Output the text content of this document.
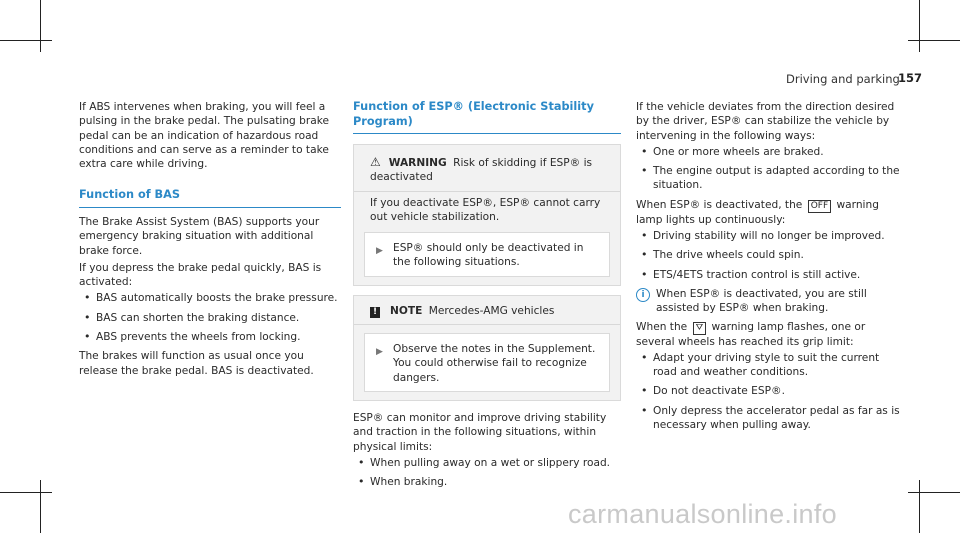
Driving and parking
157

If ABS intervenes when braking, you will feel a pulsing in the brake pedal. The pulsating brake pedal can be an indication of hazardous road conditions and can serve as a reminder to take extra care while driving.

Function of BAS

The Brake Assist System (BAS) supports your emergency braking situation with additional brake force.

If you depress the brake pedal quickly, BAS is activated:

• BAS automatically boosts the brake pressure.
• BAS can shorten the braking distance.
• ABS prevents the wheels from locking.

The brakes will function as usual once you release the brake pedal. BAS is deactivated.

Function of ESP® (Electronic Stability Program)
⚠ WARNING Risk of skidding if ESP® is deactivated

If you deactivate ESP®, ESP® cannot carry out vehicle stabilization.

▶ ESP® should only be deactivated in the following situations.
! NOTE Mercedes-AMG vehicles
▶ Observe the notes in the Supplement. You could otherwise fail to recognize dangers.

ESP® can monitor and improve driving stability and traction in the following situations, within physical limits:

• When pulling away on a wet or slippery road.
• When braking.

If the vehicle deviates from the direction desired by the driver, ESP® can stabilize the vehicle by intervening in the following ways:

• One or more wheels are braked.
• The engine output is adapted according to the situation.

When ESP® is deactivated, the OFF warning lamp lights up continuously:

• Driving stability will no longer be improved.
• The drive wheels could spin.
• ETS/4ETS traction control is still active.
i	When ESP® is deactivated, you are still assisted by ESP® when braking.

When the ⛛ warning lamp flashes, one or several wheels has reached its grip limit:

• Adapt your driving style to suit the current road and weather conditions.
• Do not deactivate ESP®.
• Only depress the accelerator pedal as far as is necessary when pulling away.
carmanualsonline.info
